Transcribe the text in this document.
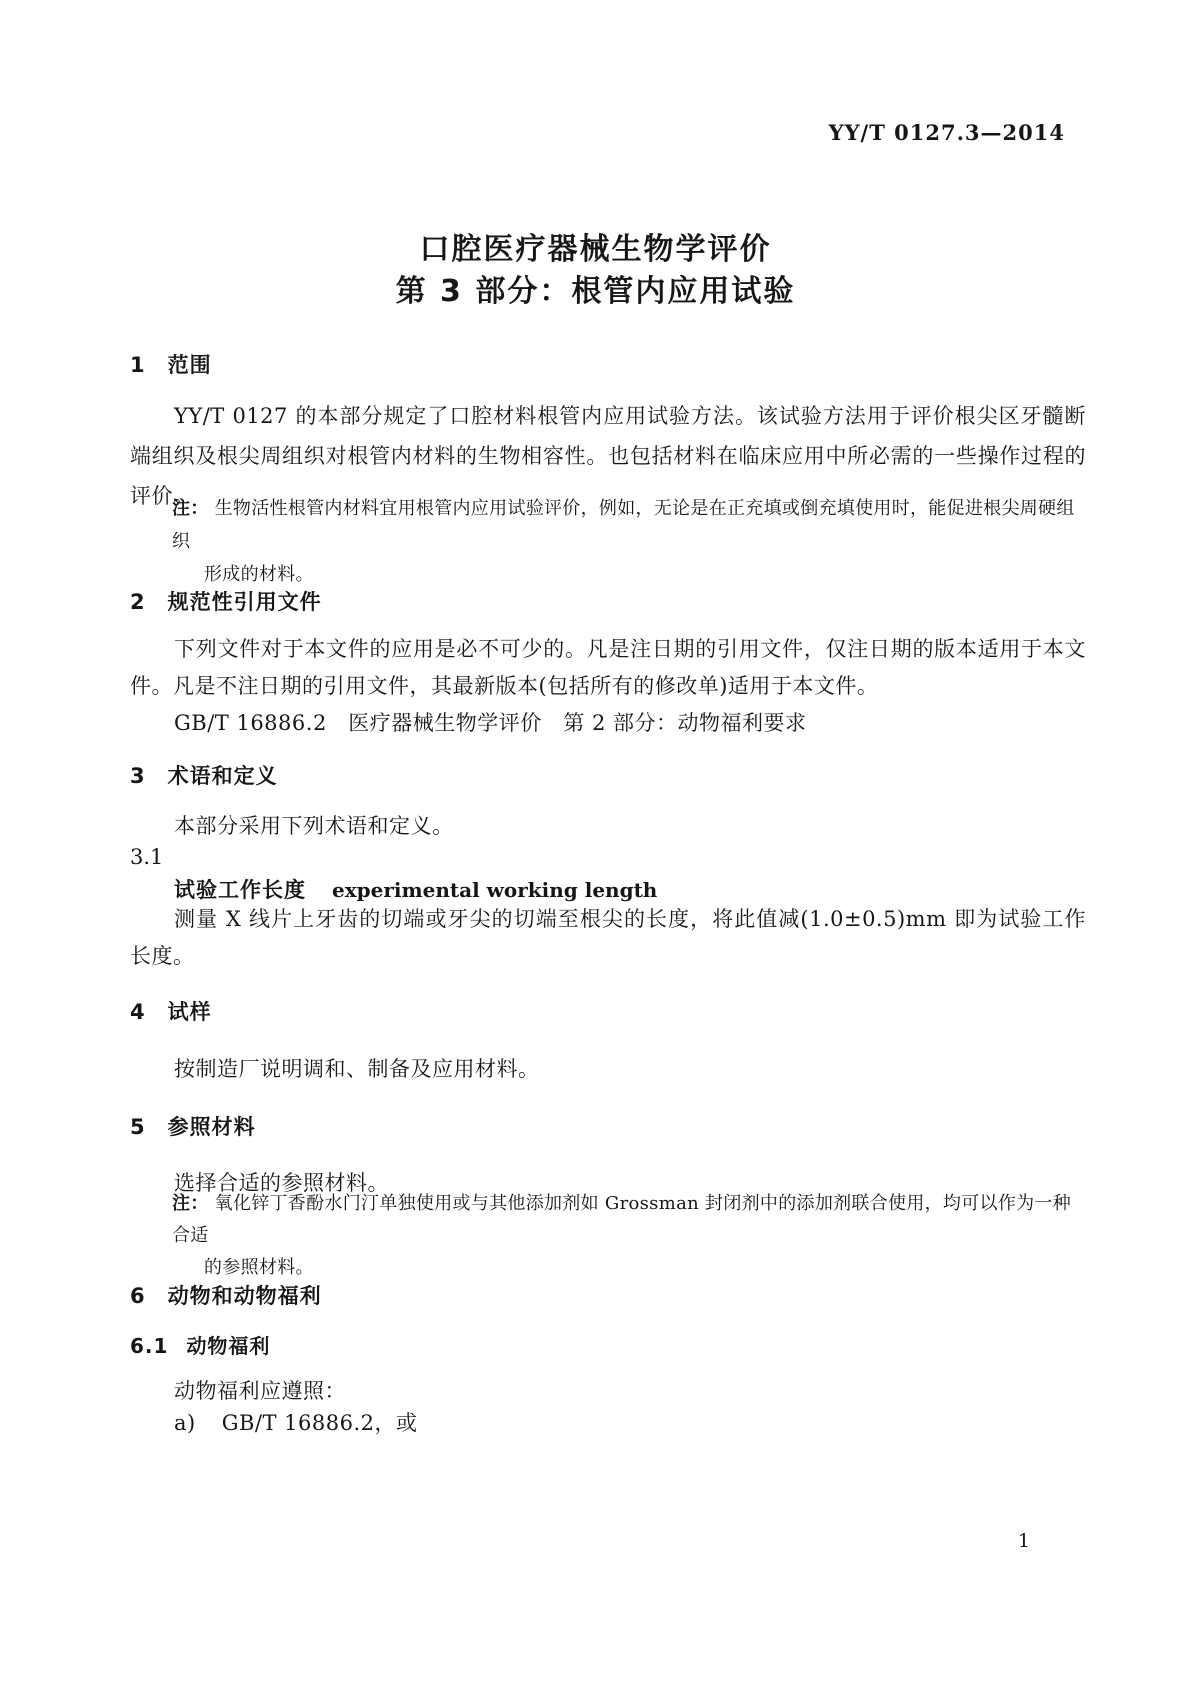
YY/T 0127.3—2014
口腔医疗器械生物学评价
第 3 部分：根管内应用试验
1 范围
YY/T 0127 的本部分规定了口腔材料根管内应用试验方法。该试验方法用于评价根尖区牙髓断
端组织及根尖周组织对根管内材料的生物相容性。也包括材料在临床应用中所必需的一些操作过程的
评价。
注： 生物活性根管内材料宜用根管内应用试验评价，例如，无论是在正充填或倒充填使用时，能促进根尖周硬组织
形成的材料。
2 规范性引用文件
下列文件对于本文件的应用是必不可少的。凡是注日期的引用文件，仅注日期的版本适用于本文
件。凡是不注日期的引用文件，其最新版本(包括所有的修改单)适用于本文件。
GB/T 16886.2　医疗器械生物学评价　第 2 部分：动物福利要求
3 术语和定义
本部分采用下列术语和定义。
3.1
试验工作长度 experimental working length
测量 X 线片上牙齿的切端或牙尖的切端至根尖的长度，将此值减(1.0±0.5)mm 即为试验工作
长度。
4 试样
按制造厂说明调和、制备及应用材料。
5 参照材料
选择合适的参照材料。
注： 氧化锌丁香酚水门汀单独使用或与其他添加剂如 Grossman 封闭剂中的添加剂联合使用，均可以作为一种合适
的参照材料。
6 动物和动物福利
6.1 动物福利
动物福利应遵照：
a) GB/T 16886.2，或
1
